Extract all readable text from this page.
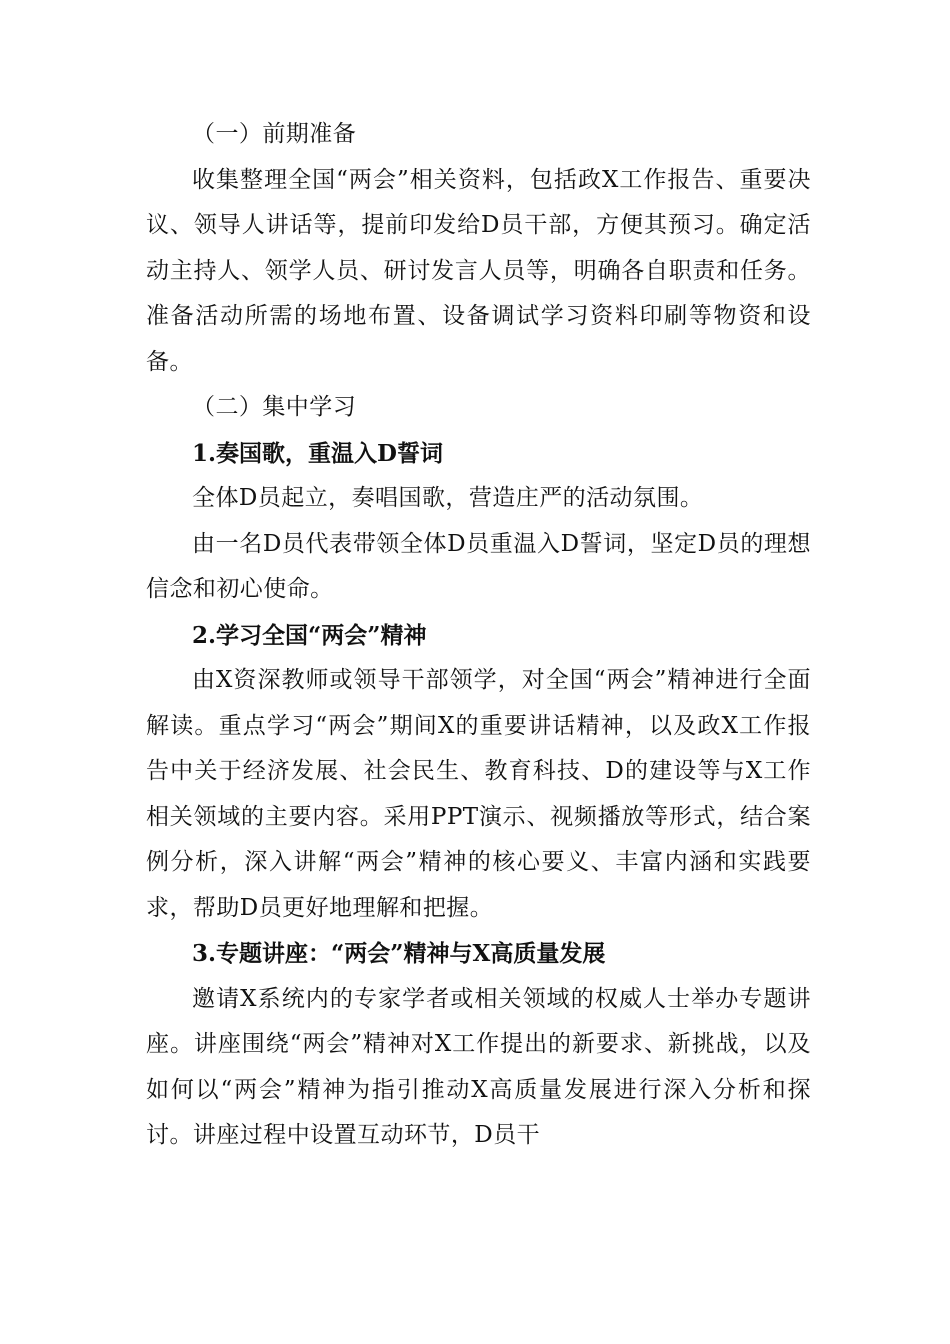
（一）前期准备

收集整理全国“两会”相关资料，包括政X工作报告、重要决议、领导人讲话等，提前印发给D员干部，方便其预习。确定活动主持人、领学人员、研讨发言人员等，明确各自职责和任务。准备活动所需的场地布置、设备调试学习资料印刷等物资和设备。

（二）集中学习

1.奏国歌，重温入D誓词

全体D员起立，奏唱国歌，营造庄严的活动氛围。

由一名D员代表带领全体D员重温入D誓词，坚定D员的理想信念和初心使命。

2.学习全国“两会”精神

由X资深教师或领导干部领学，对全国“两会”精神进行全面解读。重点学习“两会”期间X的重要讲话精神，以及政X工作报告中关于经济发展、社会民生、教育科技、D的建设等与X工作相关领域的主要内容。采用PPT演示、视频播放等形式，结合案例分析，深入讲解“两会”精神的核心要义、丰富内涵和实践要求，帮助D员更好地理解和把握。

3.专题讲座：“两会”精神与X高质量发展

邀请X系统内的专家学者或相关领域的权威人士举办专题讲座。讲座围绕“两会”精神对X工作提出的新要求、新挑战，以及如何以“两会”精神为指引推动X高质量发展进行深入分析和探讨。讲座过程中设置互动环节，D员干
